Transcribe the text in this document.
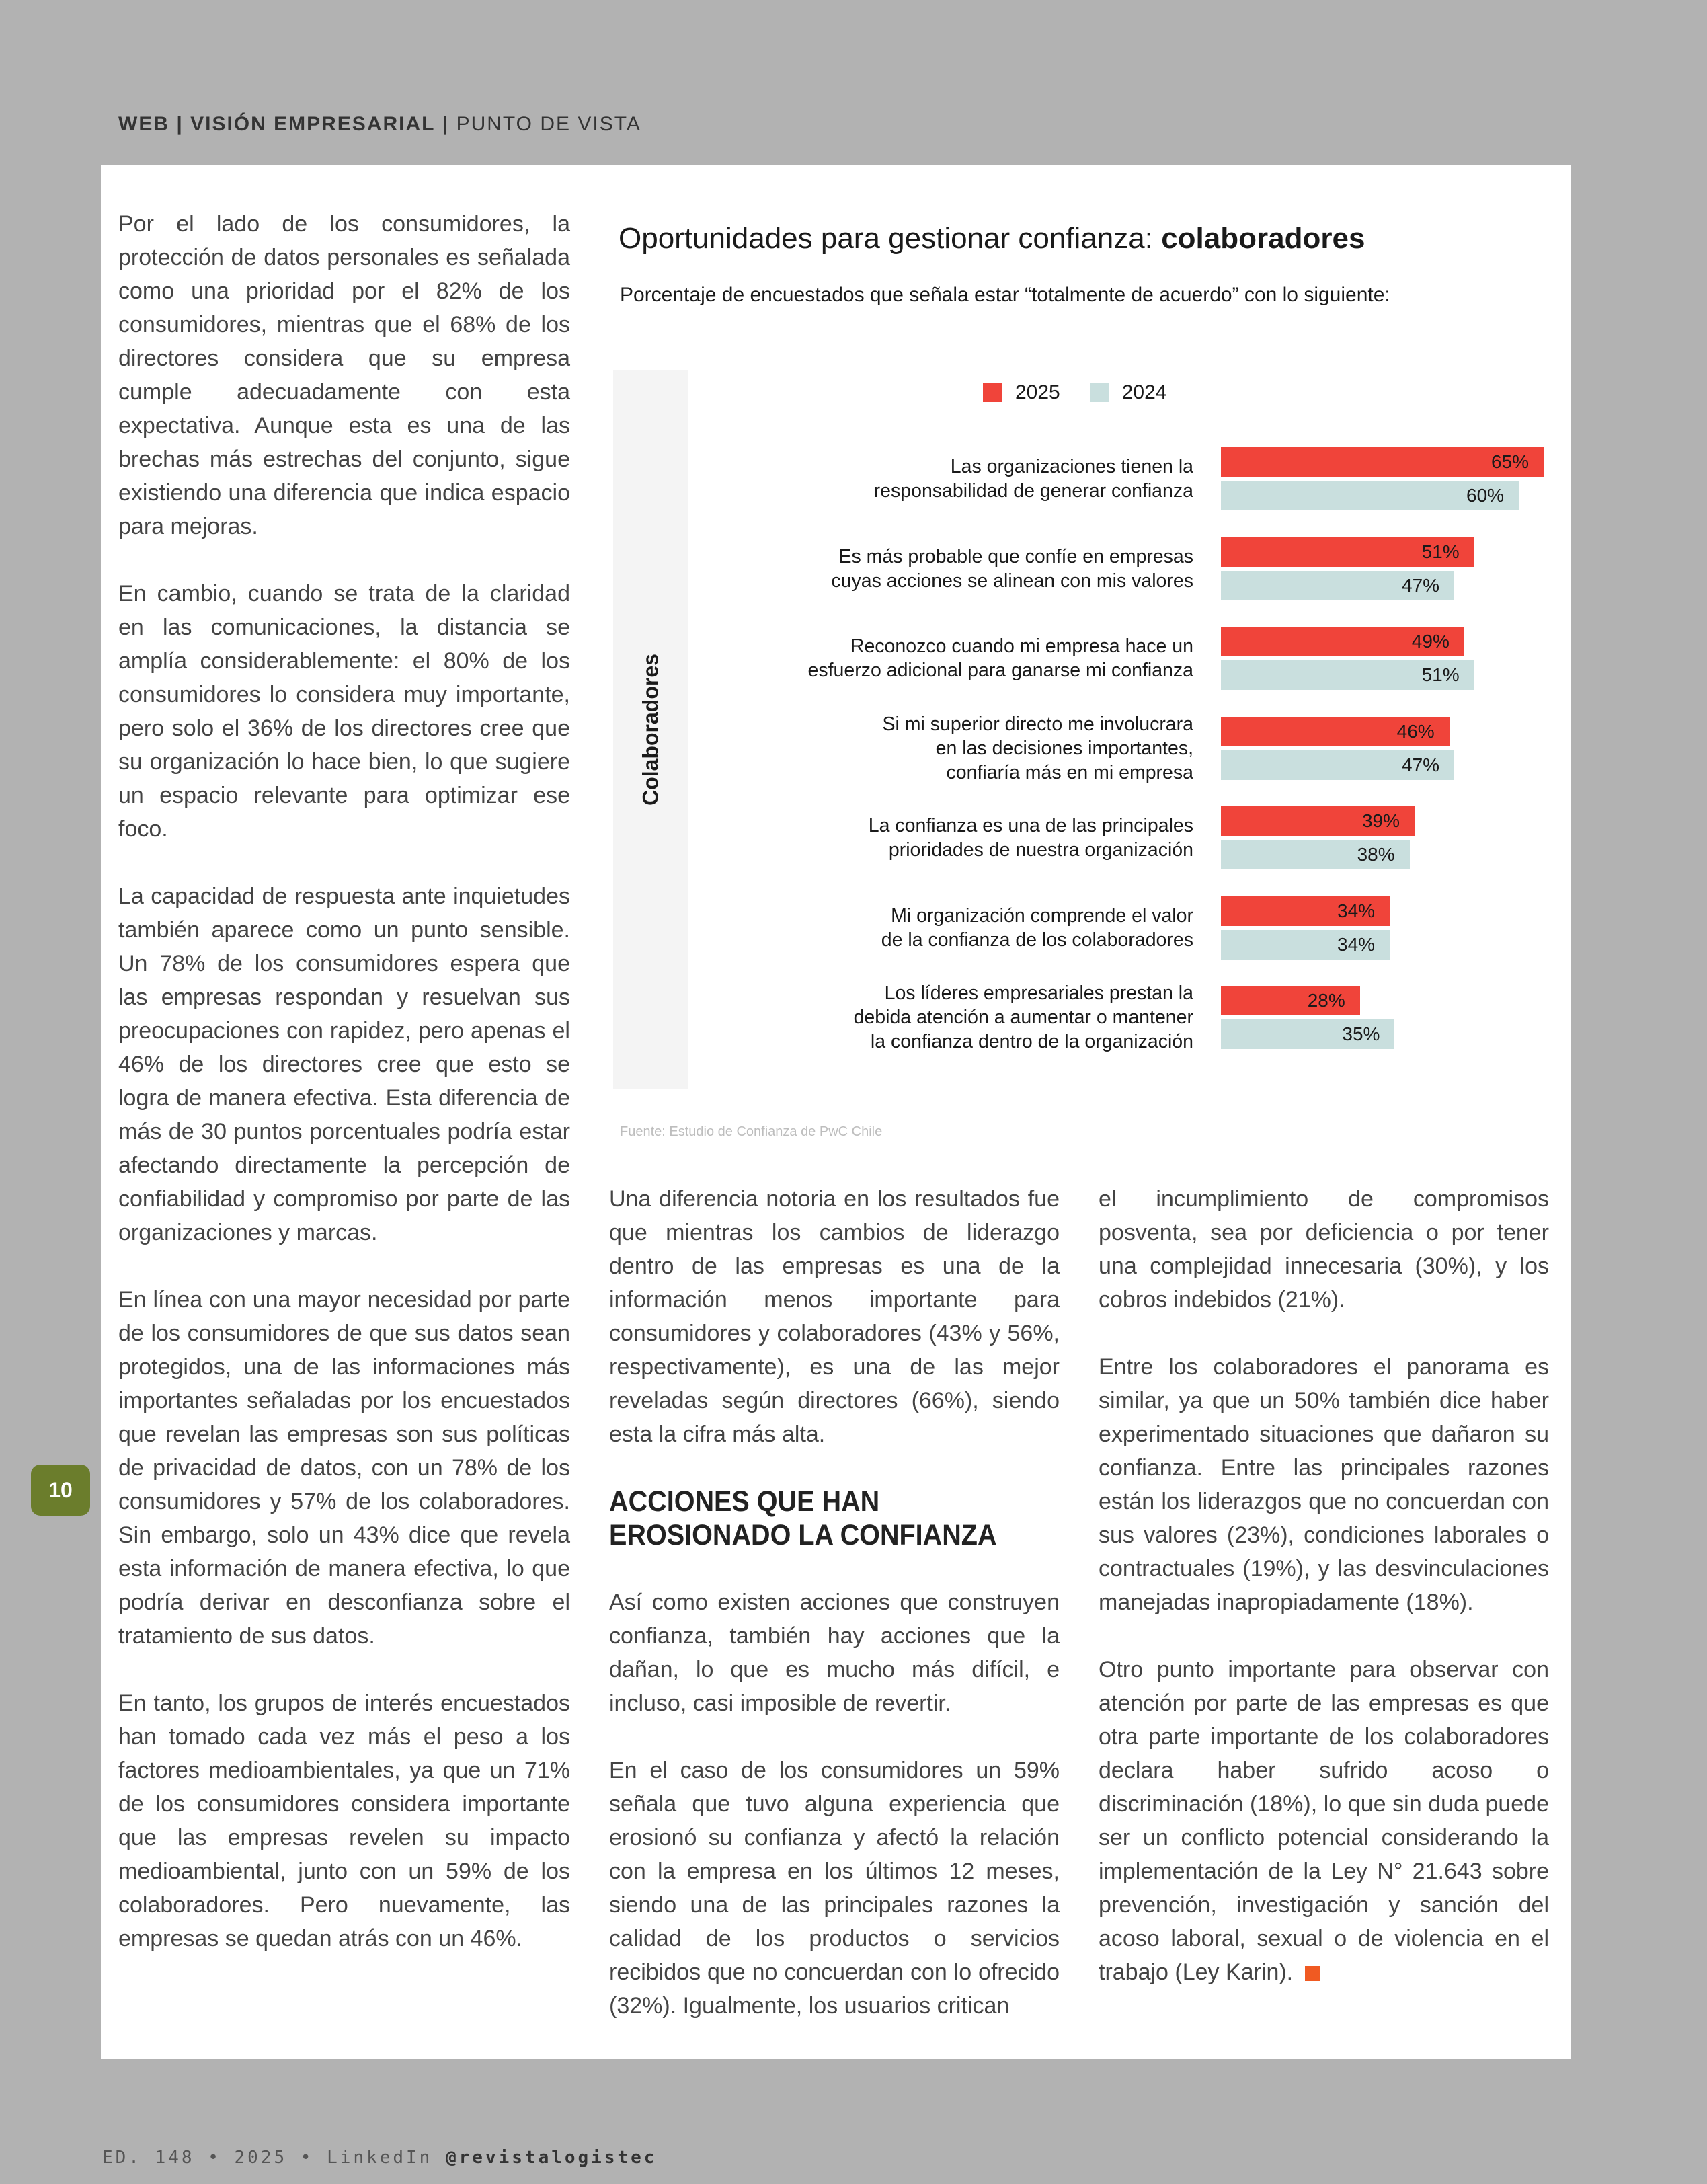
WEB | VISIÓN EMPRESARIAL | PUNTO DE VISTA

Por el lado de los consumidores, la protección de datos personales es señalada como una prioridad por el 82% de los consumidores, mientras que el 68% de los directores considera que su empresa cumple adecuadamente con esta expectativa. Aunque esta es una de las brechas más estrechas del conjunto, sigue existiendo una diferencia que indica espacio para mejoras.

En cambio, cuando se trata de la claridad en las comunicaciones, la distancia se amplía considerablemente: el 80% de los consumidores lo considera muy importante, pero solo el 36% de los directores cree que su organización lo hace bien, lo que sugiere un espacio relevante para optimizar ese foco.

La capacidad de respuesta ante inquietudes también aparece como un punto sensible. Un 78% de los consumidores espera que las empresas respondan y resuelvan sus preocupaciones con rapidez, pero apenas el 46% de los directores cree que esto se logra de manera efectiva. Esta diferencia de más de 30 puntos porcentuales podría estar afectando directamente la percepción de confiabilidad y compromiso por parte de las organizaciones y marcas.

En línea con una mayor necesidad por parte de los consumidores de que sus datos sean protegidos, una de las informaciones más importantes señaladas por los encuestados que revelan las empresas son sus políticas de privacidad de datos, con un 78% de los consumidores y 57% de los colaboradores. Sin embargo, solo un 43% dice que revela esta información de manera efectiva, lo que podría derivar en desconfianza sobre el tratamiento de sus datos.

En tanto, los grupos de interés encuestados han tomado cada vez más el peso a los factores medioambientales, ya que un 71% de los consumidores considera importante que las empresas revelen su impacto medioambiental, junto con un 59% de los colaboradores. Pero nuevamente, las empresas se quedan atrás con un 46%.

Oportunidades para gestionar confianza: colaboradores
Porcentaje de encuestados que señala estar “totalmente de acuerdo” con lo siguiente:
Colaboradores
2025	2024
Las organizaciones tienen la
responsabilidad de generar confianza
65%
60%
Es más probable que confíe en empresas
cuyas acciones se alinean con mis valores
51%
47%
Reconozco cuando mi empresa hace un
esfuerzo adicional para ganarse mi confianza
49%
51%
Si mi superior directo me involucrara
en las decisiones importantes,
confiaría más en mi empresa
46%
47%
La confianza es una de las principales
prioridades de nuestra organización
39%
38%
Mi organización comprende el valor
de la confianza de los colaboradores
34%
34%
Los líderes empresariales prestan la
debida atención a aumentar o mantener
la confianza dentro de la organización
28%
35%
Fuente: Estudio de Confianza de PwC Chile

Una diferencia notoria en los resultados fue que mientras los cambios de liderazgo dentro de las empresas es una de la información menos importante para consumidores y colaboradores (43% y 56%, respectivamente), es una de las mejor reveladas según directores (66%), siendo esta la cifra más alta.

ACCIONES QUE HAN
EROSIONADO LA CONFIANZA

Así como existen acciones que construyen confianza, también hay acciones que la dañan, lo que es mucho más difícil, e incluso, casi imposible de revertir.

En el caso de los consumidores un 59% señala que tuvo alguna experiencia que erosionó su confianza y afectó la relación con la empresa en los últimos 12 meses, siendo una de las principales razones la calidad de los productos o servicios recibidos que no concuerdan con lo ofrecido (32%). Igualmente, los usuarios critican

el incumplimiento de compromisos posventa, sea por deficiencia o por tener una complejidad innecesaria (30%), y los cobros indebidos (21%).

Entre los colaboradores el panorama es similar, ya que un 50% también dice haber experimentado situaciones que dañaron su confianza. Entre las principales razones están los liderazgos que no concuerdan con sus valores (23%), condiciones laborales o contractuales (19%), y las desvinculaciones manejadas inapropiadamente (18%).

Otro punto importante para observar con atención por parte de las empresas es que otra parte importante de los colaboradores declara haber sufrido acoso o discriminación (18%), lo que sin duda puede ser un conflicto potencial considerando la implementación de la Ley N° 21.643 sobre prevención, investigación y sanción del acoso laboral, sexual o de violencia en el trabajo (Ley Karin).

10
ED. 148 • 2025 • LinkedIn @revistalogistec
